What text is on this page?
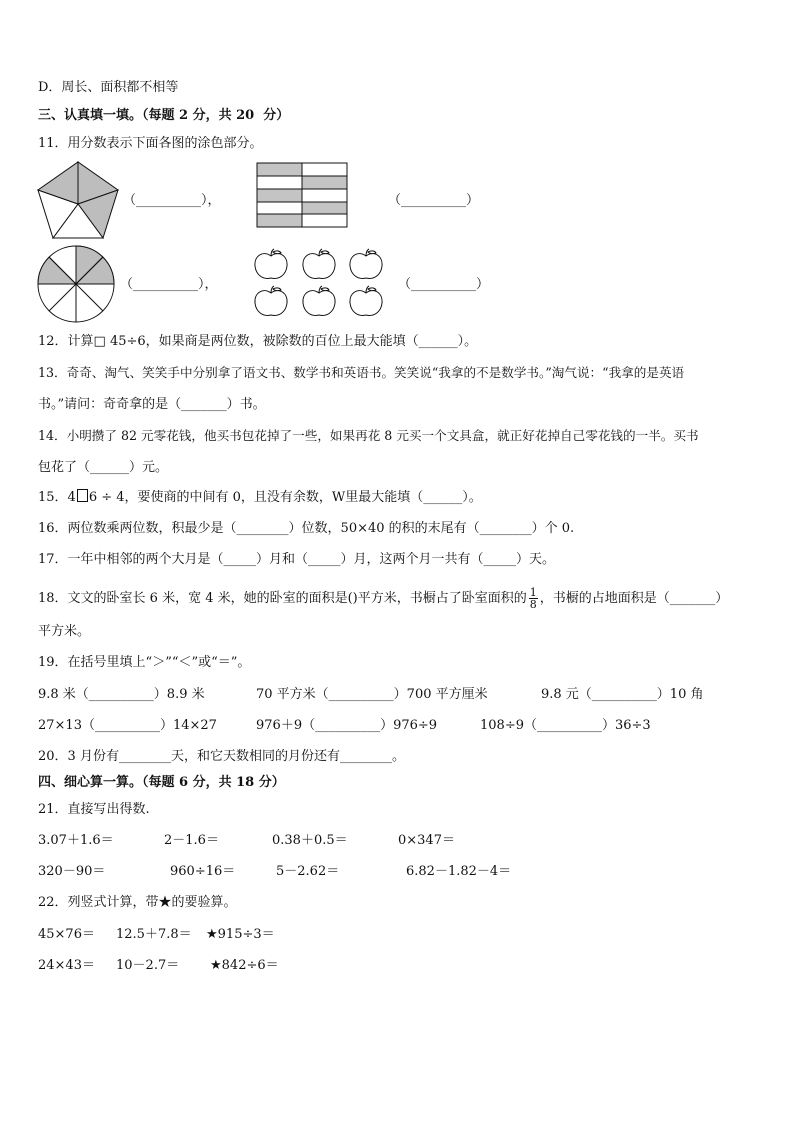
D．周长、面积都不相等
三、认真填一填。（每题 2 分，共 20  分）
11．用分数表示下面各图的涂色部分。
（__________），	（__________）
（__________），	（__________）
12．计算□ 45÷6，如果商是两位数，被除数的百位上最大能填（______）。
13．奇奇、淘气、笑笑手中分别拿了语文书、数学书和英语书。笑笑说“我拿的不是数学书。”淘气说：“我拿的是英语
书。”请问：奇奇拿的是（_______）书。
14．小明攒了 82 元零花钱，他买书包花掉了一些，如果再花 8 元买一个文具盒，就正好花掉自己零花钱的一半。买书
包花了（______）元。
15．4 6 ÷ 4，要使商的中间有 0，且没有余数，W里最大能填（______）。
16．两位数乘两位数，积最少是（________）位数，50×40 的积的末尾有（________）个 0.
17．一年中相邻的两个大月是（_____）月和（_____）月，这两个月一共有（_____）天。
18．文文的卧室长 6 米，宽 4 米，她的卧室的面积是()平方米，书橱占了卧室面积的 $\frac{1}{8}$ ，书橱的占地面积是（_______）
平方米。
19．在括号里填上“＞”“＜”或“＝”。
9.8 米（__________）8.9 米	70 平方米（__________）700 平方厘米	9.8 元（__________）10 角
27×13（__________）14×27	976＋9（__________）976÷9	108÷9（__________）36÷3
20．3 月份有________天，和它天数相同的月份还有________。
四、细心算一算。（每题 6 分，共 18 分）
21．直接写出得数.
3.07＋1.6＝	2－1.6＝	0.38＋0.5＝	0×347＝
320－90＝	960÷16＝	5－2.62＝	6.82－1.82－4＝
22．列竖式计算，带★的要验算。
45×76＝ 12.5＋7.8＝ ★915÷3＝
24×43＝ 10－2.7＝ ★842÷6＝
